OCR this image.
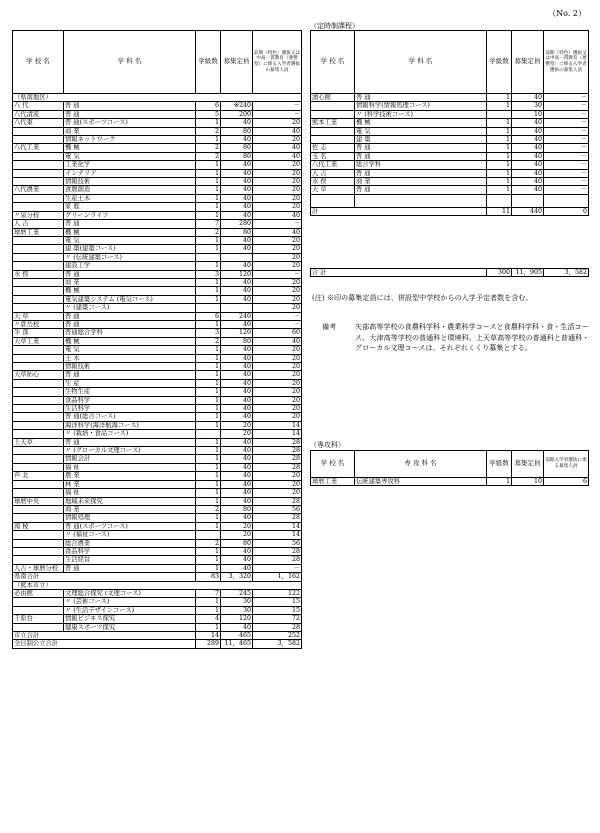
（No. 2）
学 校 名	学 科 名	学級数	募集定員	前期（特色）選抜又は中高一貫教育（連携型）に係る入学者選抜の募集人員
（県南地区）				
八 代	普 通	6	※240	－
八代清流	普 通	5	200	－
八代東	普 通(スポーツコース)	1	40	20
	商 業	2	80	40
	情報ネットワーク	1	40	20
八代工業	機 械	2	80	40
	電 気	2	80	40
	工業化学	1	40	20
	インテリア	1	40	20
	情報技術	1	40	20
八代農業	食農創造	1	40	20
	生産土木	1	40	20
	家 庭	1	40	20
〃泉分校	グリーンライフ	1	40	40
人 吉	普 通	7	280	－
球磨工業	機 械	2	80	40
	電 気	1	40	20
	建 築(建築コース)	1	40	20
	〃 (伝統建築コース)			20
	建設工学	1	40	20
水 俣	普 通	3	120	－
	商 業	1	40	20
	機 械	1	40	20
	電気建築システム (電気コース)	1	40	20
	〃 (建築コース)			20
天 草	普 通	6	240	－
〃倉岳校	普 通	1	40	－
牛 深	普通総合学科	3	120	60
天草工業	機 械	2	80	40
	電 気	1	40	20
	土 木	1	40	20
	情報技術	1	40	20
天草拓心	普 通	1	40	20
	生 産	1	40	20
	生物生産	1	40	20
	食品科学	1	40	20
	生活科学	1	40	20
	普 通(総合コース)	1	40	20
	海洋科学(海洋航海コース)	1	20	14
	〃 (栽培・食品コース)		20	14
上天草	普 通	1	40	28
	〃 (グローカル文理コース)	1	40	28
	情報会計	1	40	28
	福 祉	1	40	28
芦 北	農 業	1	40	20
	林 業	1	40	20
	福 祉	1	40	20
球磨中央	地域未来探究	1	40	28
	商 業	2	80	56
	情報処理	1	40	28
南 稜	普 通(スポーツコース)	1	20	14
	〃 (福祉コース)		20	14
	総合農業	2	80	56
	食品科学	1	40	28
	生活経営	1	40	28
人吉・球磨分校	普 通	1	40	－
県南合計		83	3，320	1，162
（熊本市立）				
必由館	文理総合探究 (文理コース)	7	245	122
	〃 (芸術コース)	1	30	15
	〃 (生活デザインコース)	1	30	15
千原台	情報ビジネス探究	4	120	72
	健康スポーツ探究	1	40	28
市立合計		14	465	252
全日制公立合計		289	11，465	3，582
（定時制課程）
学 校 名	学 科 名	学級数	募集定員	前期（特色）選抜又は中高一貫教育（連携型）に係る入学者選抜の募集人員
湧心館	普 通	1	40	－
	情報科学(情報処理コース)	1	30	－
	〃 (科学技術コース)		10	－
熊本工業	機 械	1	40	－
	電 気	1	40	－
	建 築	1	40	－
佐 志	普 通	1	40	－
玉 名	普 通	1	40	－
八代工業	総合学科	1	40	－
人 吉	普 通	1	40	－
水 俣	商 業	1	40	－
天 草	普 通	1	40	－

計		11	440	0
合 計	300	11，905	3，582
(注) ※印の募集定員には、併設型中学校からの入学予定者数を含む。
備考	矢部高等学校の食農科学科・農業科学コースと食農科学科・食・生活コース、大津高等学校の普通科と環境科、上天草高等学校の普通科と普通科・グローカル文理コースは、それぞれくくり募集とする。
（専攻科）
学 校 名	専 攻 科 名	学級数	募集定員	前期入学者選抜に係る募集人員
球磨工業	伝統建築専攻科	1	10	6
